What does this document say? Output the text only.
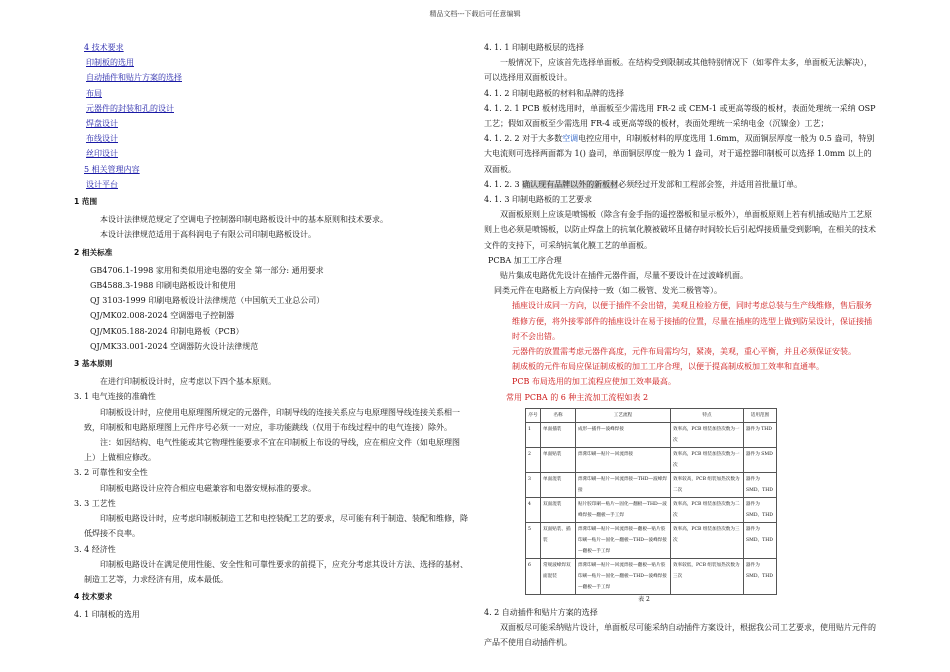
精品文档---下载后可任意编辑
4 技术要求
印制板的选用
自动插件和贴片方案的选择
布局
元器件的封装和孔的设计
焊盘设计
布线设计
丝印设计
5 相关管理内容
设计平台

1 范围

本设计法律规范规定了空调电子控制器印制电路板设计中的基本原则和技术要求。

本设计法律规范适用于高科润电子有限公司印制电路板设计。

2 相关标准

GB4706.1-1998 家用和类似用途电器的安全 第一部分: 通用要求

GB4588.3-1988 印刷电路板设计和使用

QJ 3103-1999 印刷电路板设计法律规范（中国航天工业总公司）

QJ/MK02.008-2024 空调器电子控制器

QJ/MK05.188-2024 印制电路板（PCB）

QJ/MK33.001-2024 空调器防火设计法律规范

3 基本原则

在进行印制板设计时，应考虑以下四个基本原则。

3. 1 电气连接的准确性

印制板设计时，应使用电原理图所规定的元器件，印制导线的连接关系应与电原理图导线连接关系相一致，印制板和电路原理图上元件序号必须一一对应，非功能跳线（仅用于布线过程中的电气连接）除外。

注：如因结构、电气性能或其它物理性能要求不宜在印制板上布设的导线，应在相应文件（如电原理图上）上做相应修改。

3. 2 可靠性和安全性

印制板电路设计应符合相应电磁兼容和电器安规标准的要求。

3. 3 工艺性

印制板电路设计时，应考虑印制板制造工艺和电控装配工艺的要求，尽可能有利于制造、装配和维修，降低焊接不良率。

3. 4 经济性

印制板电路设计在满足使用性能、安全性和可靠性要求的前提下，应充分考虑其设计方法、选择的基材、制造工艺等，力求经济有用，成本最低。

4 技术要求

4. 1 印制板的选用

4. 1. 1 印制电路板层的选择

一般情况下，应该首先选择单面板。在结构受到限制或其他特别情况下（如零件太多，单面板无法解决），可以选择用双面板设计。

4. 1. 2 印制电路板的材料和品牌的选择

4. 1. 2. 1 PCB 板材选用时，单面板至少需选用 FR-2 或 CEM-1 或更高等级的板材，表面处理统一采纳 OSP 工艺；假如双面板至少需选用 FR-4 或更高等级的板材，表面处理统一采纳电金（沉镍金）工艺；

4. 1. 2. 2 对于大多数空调电控应用中，印制板材料的厚度选用 1.6mm，双面铜层厚度一般为 0.5 盎司，特别大电流则可选择两面都为 1() 盎司，单面铜层厚度一般为 1 盎司，对于遥控器印制板可以选择 1.0mm 以上的双面板。

4. 1. 2. 3 确认现有品牌以外的新板材必须经过开发部和工程部会签，并适用首批量订单。

4. 1. 3 印制电路板的工艺要求

双面板原则上应该是喷锡板（除含有金手指的遥控器板和显示板外），单面板原则上若有机插或贴片工艺原则上也必须是喷锡板，以防止焊盘上的抗氧化膜被破坏且储存时间较长后引起焊接质量受到影响，在相关的技术文件的支持下，可采纳抗氧化膜工艺的单面板。

PCBA 加工工序合理

贴片集成电路优先设计在插件元器件面，尽量不要设计在过波峰机面。

同类元件在电路板上方向保持一致（如二极管、发光二极管等）。

插座设计成同一方向，以便于插件不会出错，美观且检验方便，同时考虑总装与生产线维修，售后服务维修方便，将外接零部件的插座设计在易于接插的位置，尽量在插座的选型上做到防呆设计，保证接插时不会出错。

元器件的放置需考虑元器件高度，元件布局需均匀，紧凑，美观，重心平衡，并且必须保证安装。

制成板的元件布局应保证制成板的加工工序合理，以便于提高制成板加工效率和直通率。

PCB 布局选用的加工流程应使加工效率最高。

常用 PCBA 的 6 种主流加工流程如表 2

序号	名称	工艺流程	特点	适用范围
1	单面插装	成形—插件—波峰焊接	效率高，PCB 组装加热次数为一次	器件为 THD
2	单面贴装	焊膏印刷—贴片—回流焊接	效率高，PCB 组装加热次数为一次	器件为 SMD
3	单面混装	焊膏印刷—贴片—回流焊接—THD—波峰焊接	效率较高，PCB 组装加热次数为二次	器件为 SMD、THD
4	双面混装	贴片胶印刷—贴片—固化—翻板—THD—波峰焊接—翻板—手工焊	效率高，PCB 组装加热次数为二次	器件为 SMD、THD
5	双面贴装、插装	焊膏印刷—贴片—回流焊接—翻板—贴片胶印刷—贴片—固化—翻板—THD—波峰焊接—翻板—手工焊	效率高，PCB 组装加热次数为三次	器件为 SMD、THD
6	常规波峰焊双面混装	焊膏印刷—贴片—回流焊接—翻板—贴片胶印刷—贴片—固化—翻板—THD—波峰焊接—翻板—手工焊	效率较低，PCB 组装加热次数为三次	器件为 SMD、THD
表 2

4. 2 自动插件和贴片方案的选择

双面板尽可能采纳贴片设计，单面板尽可能采纳自动插件方案设计，根据我公司工艺要求，使用贴片元件的产品不使用自动插件机。
